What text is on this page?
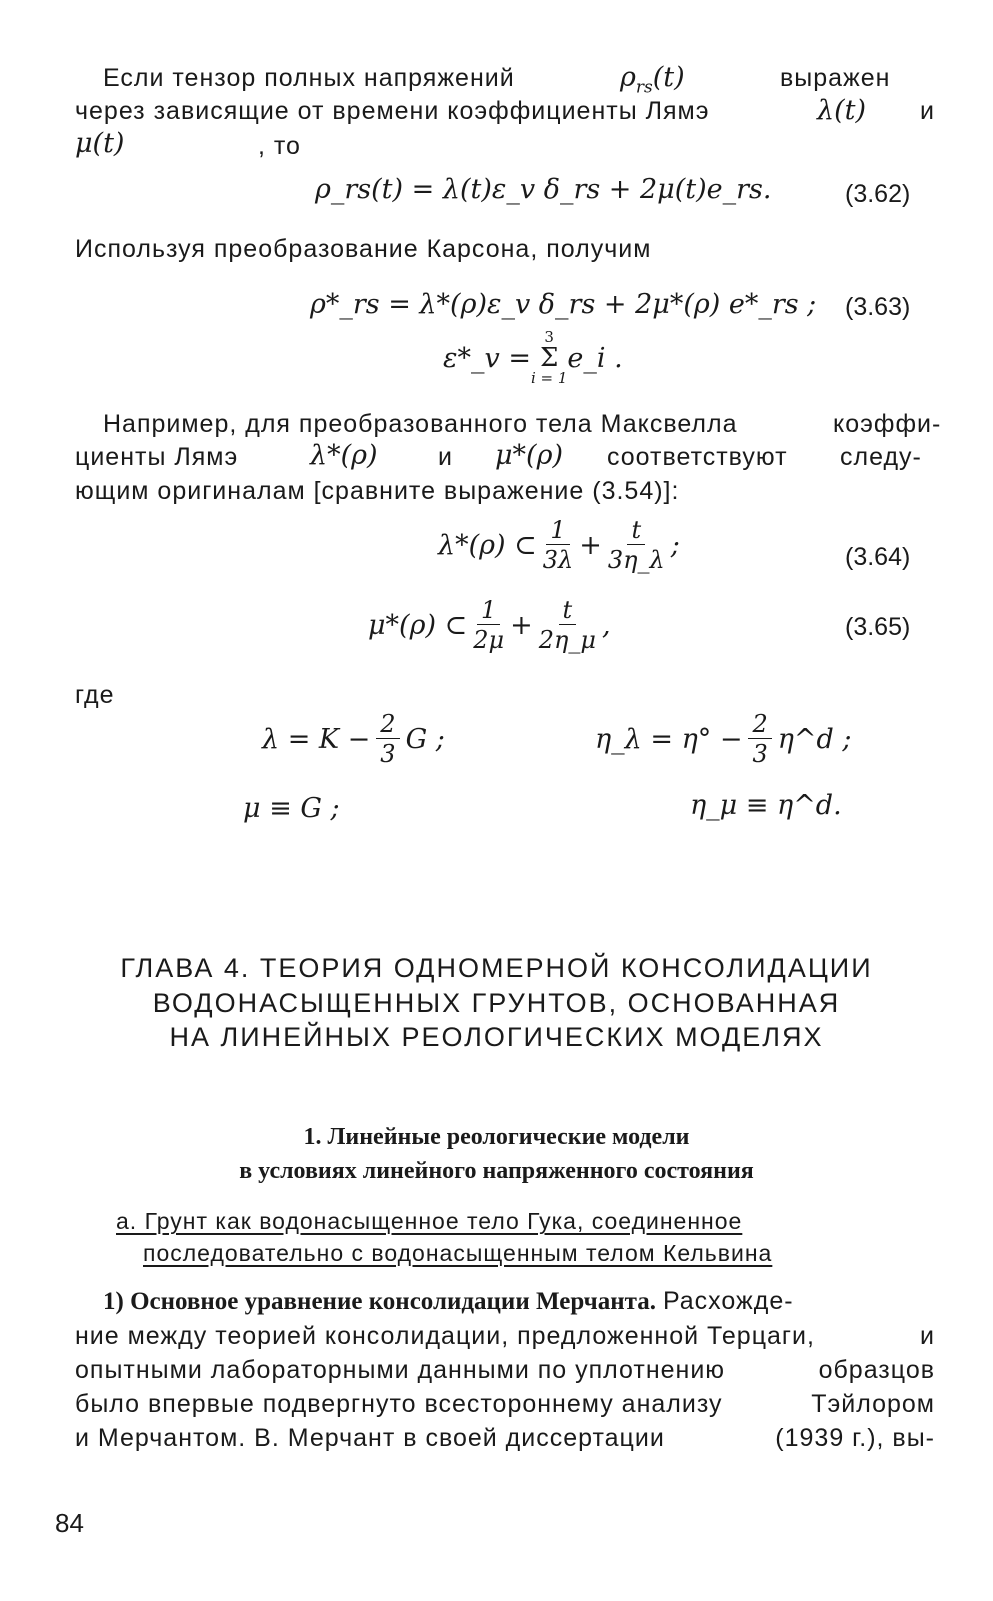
Если тензор полных напряжений	$\rho_{rs}(t)$	выражен
через зависящие от времени коэффициенты Лямэ	λ(t) и
μ(t)	, то
ρ_rs(t) = λ(t)ε_v δ_rs + 2μ(t)e_rs.	(3.62)
Используя преобразование Карсона, получим
ρ*_rs = λ*(ρ)ε_v δ_rs + 2μ*(ρ) e*_rs ; (3.63)
ε*_v =
3
Σ
i = 1
e_i .
Например, для преобразованного тела Максвелла	коэффи-
циенты Лямэ	λ*(ρ) и μ*(ρ) соответствуют следу-
ющим оригиналам [сравните выражение (3.54)]:
λ*(ρ) ⊂ $\frac{1}{3\lambda} + \frac{t}{3\eta\_\lambda}$ ;	(3.64)
μ*(ρ) ⊂ $\frac{1}{2\mu} + \frac{t}{2\eta\_\mu}$ ,	(3.65)
где
$\lambda = K - \frac{2}{3}$ G ;
μ ≡ G ;
η_λ = $\eta^\circ - \frac{2}{3}$ η^d ;
η_μ ≡ η^d.
ГЛАВА 4. ТЕОРИЯ ОДНОМЕРНОЙ КОНСОЛИДАЦИИ
ВОДОНАСЫЩЕННЫХ ГРУНТОВ, ОСНОВАННАЯ
НА ЛИНЕЙНЫХ РЕОЛОГИЧЕСКИХ МОДЕЛЯХ
1. Линейные реологические модели
в условиях линейного напряженного состояния
а. Грунт как водонасыщенное тело Гука, соединенное
последовательно с водонасыщенным телом Кельвина
1) Основное уравнение консолидации Мерчанта. Расхожде-
ние между теорией консолидации, предложенной Терцаги,	и
опытными лабораторными данными по уплотнению	образцов
было впервые подвергнуто всестороннему анализу	Тэйлором
и Мерчантом. В. Мерчант в своей диссертации	(1939 г.), вы-
84
